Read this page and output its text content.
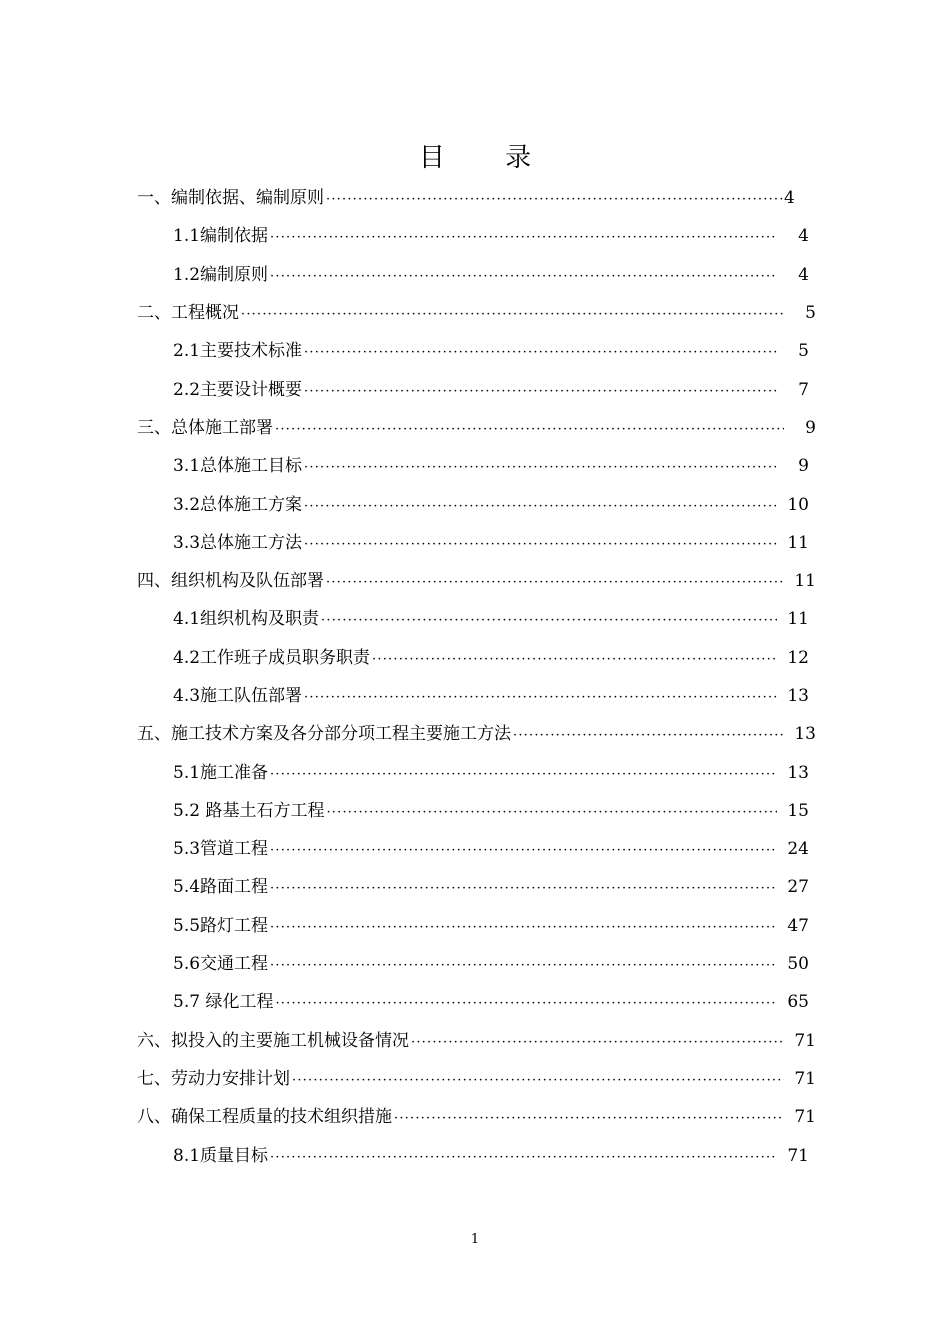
目 录
一、编制依据、编制原则 ·····	4
1.1编制依据 ·····	4
1.2编制原则 ·····	4
二、工程概况 ·····	5
2.1主要技术标准 ·····	5
2.2主要设计概要 ·····	7
三、总体施工部署 ·····	9
3.1总体施工目标 ·····	9
3.2总体施工方案 ·····	10
3.3总体施工方法 ·····	11
四、组织机构及队伍部署 ·····	11
4.1组织机构及职责 ·····	11
4.2工作班子成员职务职责 ·····	12
4.3施工队伍部署 ·····	13
五、施工技术方案及各分部分项工程主要施工方法 ·····	13
5.1施工准备 ·····	13
5.2 路基土石方工程 ·····	15
5.3管道工程 ·····	24
5.4路面工程 ·····	27
5.5路灯工程 ·····	47
5.6交通工程 ·····	50
5.7 绿化工程 ·····	65
六、拟投入的主要施工机械设备情况 ·····	71
七、劳动力安排计划 ·····	71
八、确保工程质量的技术组织措施 ·····	71
8.1质量目标 ·····	71
1
